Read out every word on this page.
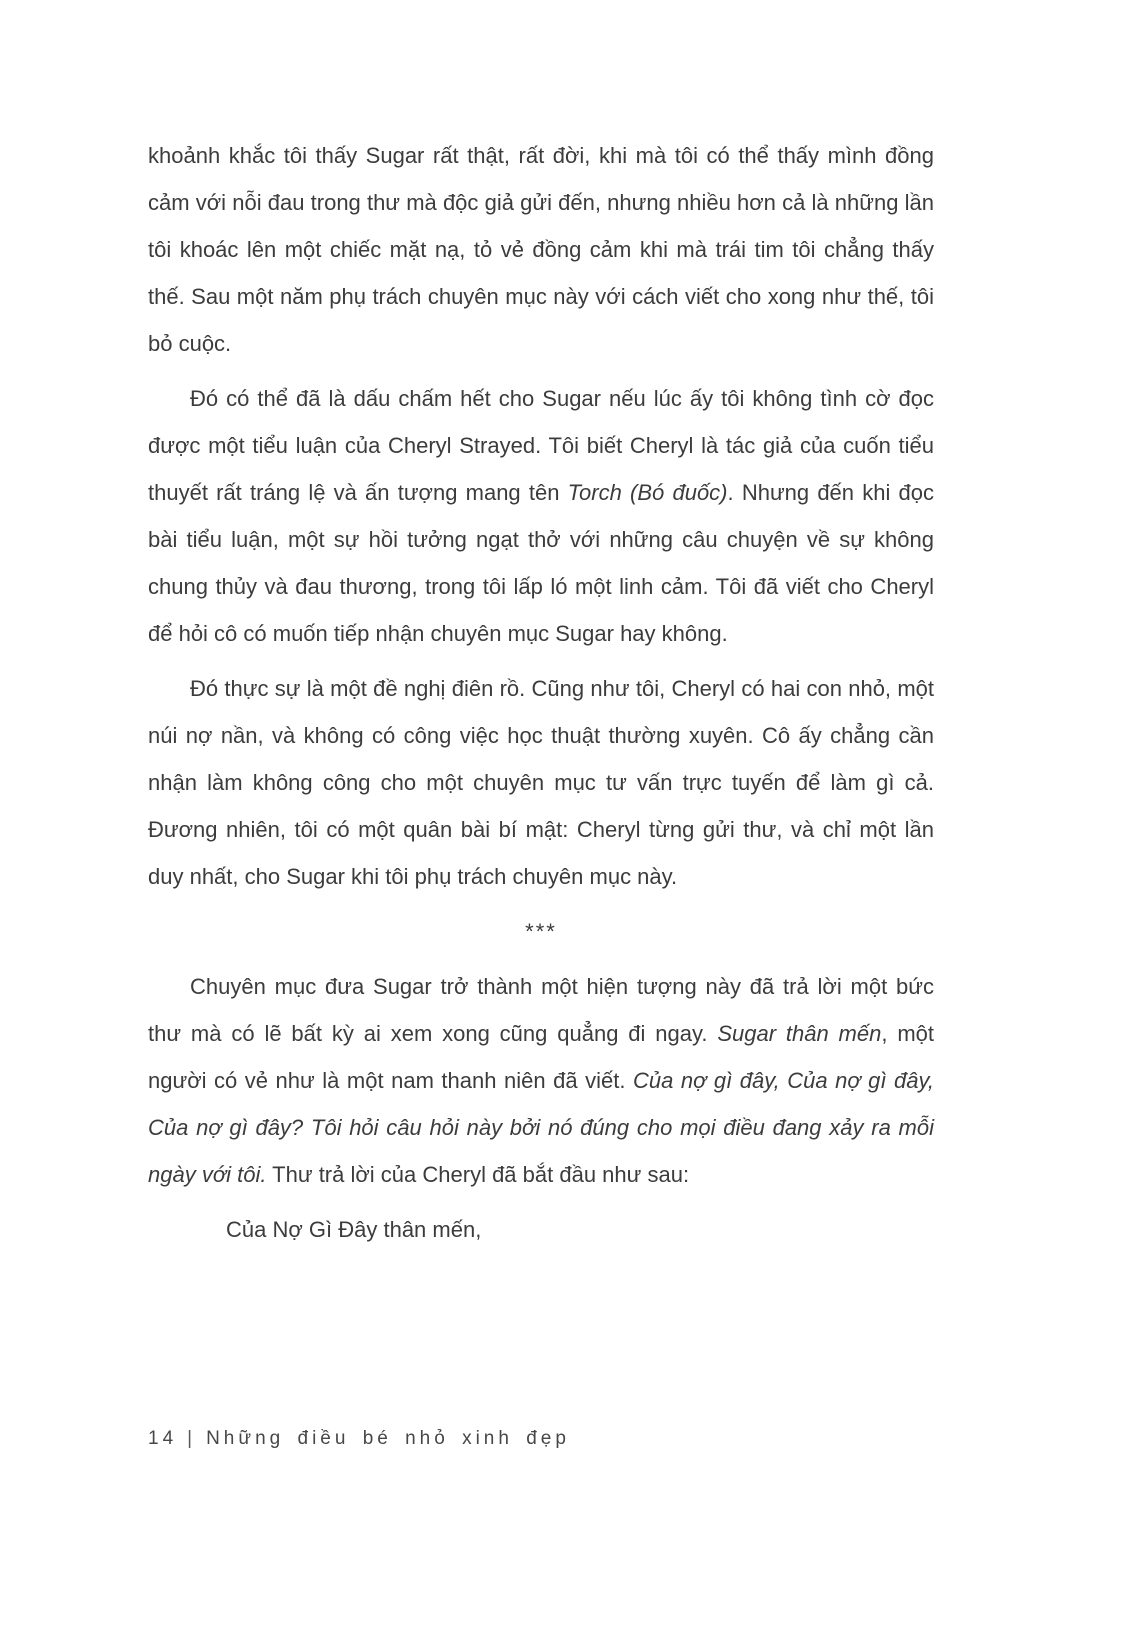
khoảnh khắc tôi thấy Sugar rất thật, rất đời, khi mà tôi có thể thấy mình đồng cảm với nỗi đau trong thư mà độc giả gửi đến, nhưng nhiều hơn cả là những lần tôi khoác lên một chiếc mặt nạ, tỏ vẻ đồng cảm khi mà trái tim tôi chẳng thấy thế. Sau một năm phụ trách chuyên mục này với cách viết cho xong như thế, tôi bỏ cuộc.

Đó có thể đã là dấu chấm hết cho Sugar nếu lúc ấy tôi không tình cờ đọc được một tiểu luận của Cheryl Strayed. Tôi biết Cheryl là tác giả của cuốn tiểu thuyết rất tráng lệ và ấn tượng mang tên Torch (Bó đuốc). Nhưng đến khi đọc bài tiểu luận, một sự hồi tưởng ngạt thở với những câu chuyện về sự không chung thủy và đau thương, trong tôi lấp ló một linh cảm. Tôi đã viết cho Cheryl để hỏi cô có muốn tiếp nhận chuyên mục Sugar hay không.

Đó thực sự là một đề nghị điên rồ. Cũng như tôi, Cheryl có hai con nhỏ, một núi nợ nần, và không có công việc học thuật thường xuyên. Cô ấy chẳng cần nhận làm không công cho một chuyên mục tư vấn trực tuyến để làm gì cả. Đương nhiên, tôi có một quân bài bí mật: Cheryl từng gửi thư, và chỉ một lần duy nhất, cho Sugar khi tôi phụ trách chuyên mục này.

***

Chuyên mục đưa Sugar trở thành một hiện tượng này đã trả lời một bức thư mà có lẽ bất kỳ ai xem xong cũng quẳng đi ngay. Sugar thân mến, một người có vẻ như là một nam thanh niên đã viết. Của nợ gì đây, Của nợ gì đây, Của nợ gì đây? Tôi hỏi câu hỏi này bởi nó đúng cho mọi điều đang xảy ra mỗi ngày với tôi. Thư trả lời của Cheryl đã bắt đầu như sau:

Của Nợ Gì Đây thân mến,

14 | Những điều bé nhỏ xinh đẹp
